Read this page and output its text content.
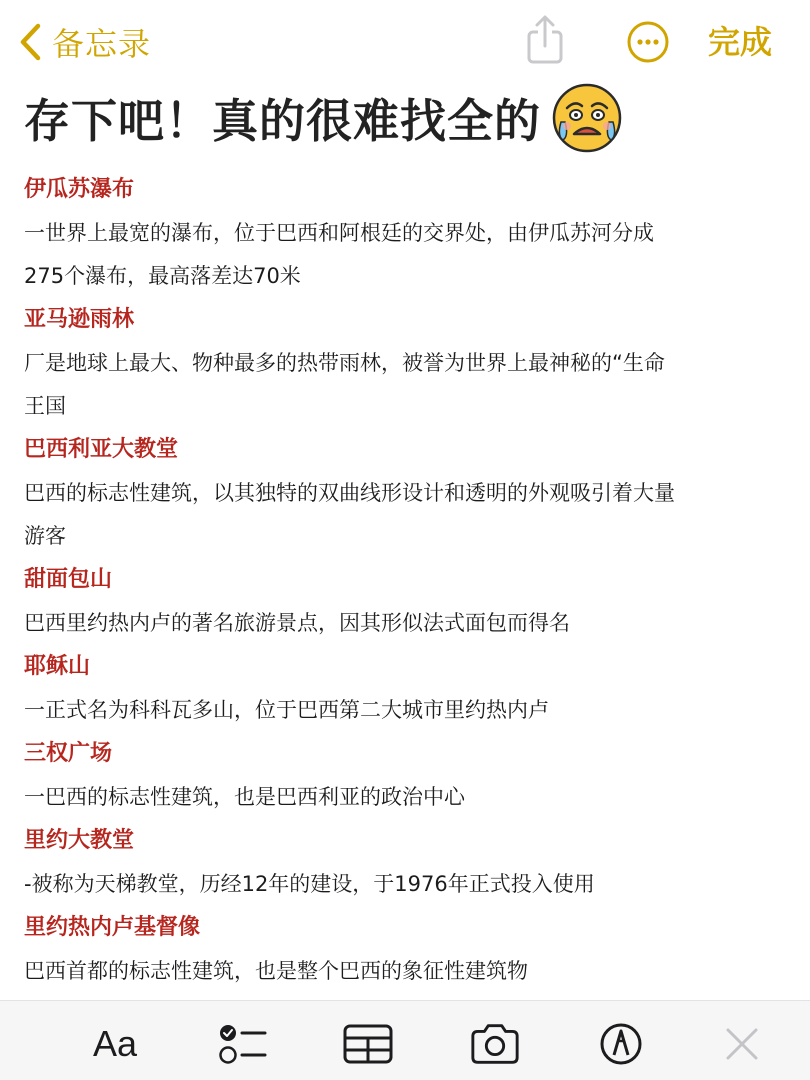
备忘录	完成
存下吧！真的很难找全的
伊瓜苏瀑布
一世界上最宽的瀑布，位于巴西和阿根廷的交界处，由伊瓜苏河分成
275个瀑布，最高落差达70米
亚马逊雨林
厂是地球上最大、物种最多的热带雨林，被誉为世界上最神秘的“生命
王国
巴西利亚大教堂
巴西的标志性建筑，以其独特的双曲线形设计和透明的外观吸引着大量
游客
甜面包山
巴西里约热内卢的著名旅游景点，因其形似法式面包而得名
耶稣山
一正式名为科科瓦多山，位于巴西第二大城市里约热内卢
三权广场
一巴西的标志性建筑，也是巴西利亚的政治中心
里约大教堂
-被称为天梯教堂，历经12年的建设，于1976年正式投入使用
里约热内卢基督像
巴西首都的标志性建筑，也是整个巴西的象征性建筑物
Aa
